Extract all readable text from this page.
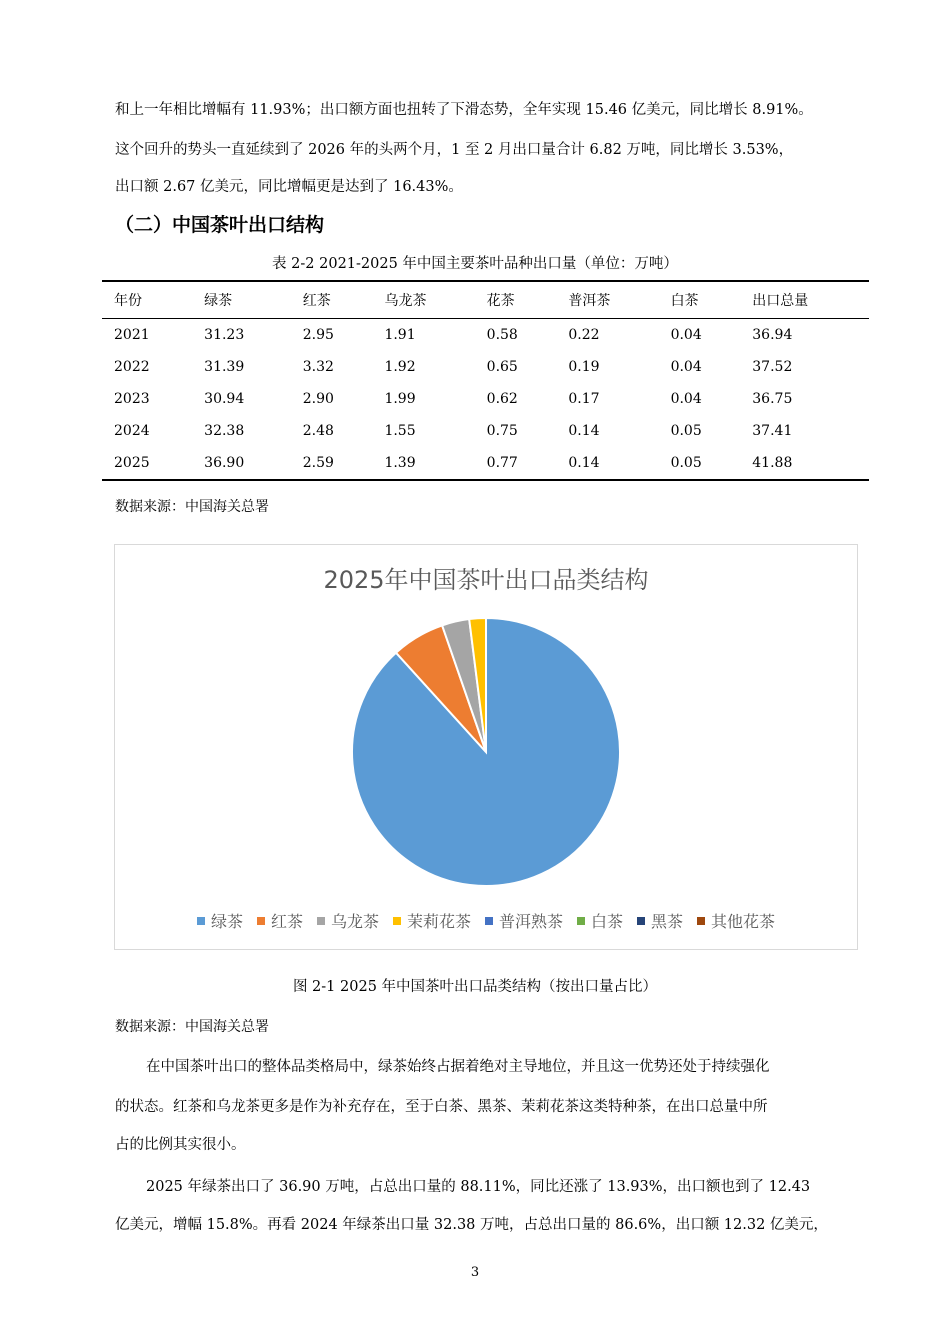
和上一年相比增幅有 11.93%；出口额方面也扭转了下滑态势，全年实现 15.46 亿美元，同比增长 8.91%。
这个回升的势头一直延续到了 2026 年的头两个月，1 至 2 月出口量合计 6.82 万吨，同比增长 3.53%，
出口额 2.67 亿美元，同比增幅更是达到了 16.43%。
（二）中国茶叶出口结构
表 2-2 2021-2025 年中国主要茶叶品种出口量（单位：万吨）
年份	绿茶	红茶	乌龙茶	花茶	普洱茶	白茶	出口总量
2021	31.23	2.95	1.91	0.58	0.22	0.04	36.94
2022	31.39	3.32	1.92	0.65	0.19	0.04	37.52
2023	30.94	2.90	1.99	0.62	0.17	0.04	36.75
2024	32.38	2.48	1.55	0.75	0.14	0.05	37.41
2025	36.90	2.59	1.39	0.77	0.14	0.05	41.88
数据来源：中国海关总署
2025年中国茶叶出口品类结构
绿茶 红茶 乌龙茶 茉莉花茶 普洱熟茶 白茶 黑茶 其他花茶
图 2-1 2025 年中国茶叶出口品类结构（按出口量占比）
数据来源：中国海关总署
在中国茶叶出口的整体品类格局中，绿茶始终占据着绝对主导地位，并且这一优势还处于持续强化
的状态。红茶和乌龙茶更多是作为补充存在，至于白茶、黑茶、茉莉花茶这类特种茶，在出口总量中所
占的比例其实很小。
2025 年绿茶出口了 36.90 万吨，占总出口量的 88.11%，同比还涨了 13.93%，出口额也到了 12.43
亿美元，增幅 15.8%。再看 2024 年绿茶出口量 32.38 万吨，占总出口量的 86.6%，出口额 12.32 亿美元，
3
